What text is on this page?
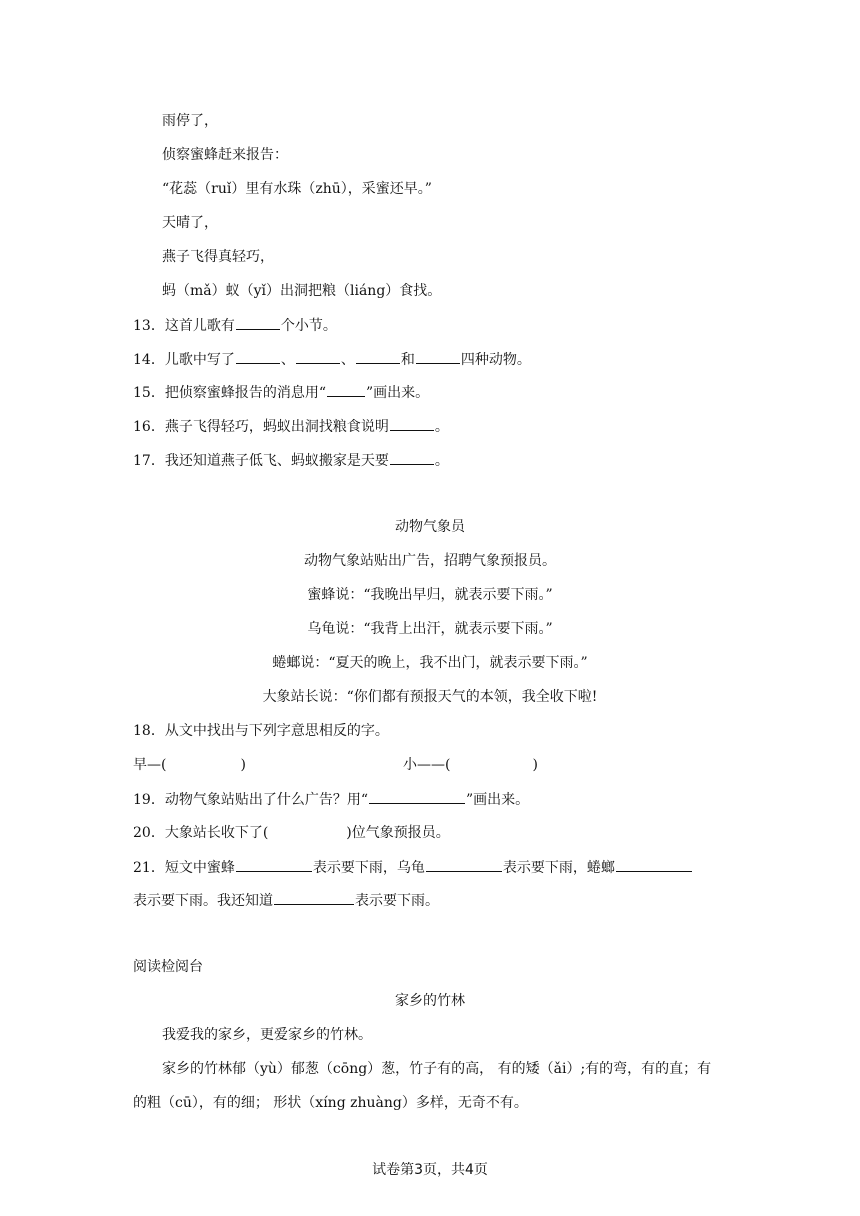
雨停了，
侦察蜜蜂赶来报告：
“花蕊（ruǐ）里有水珠（zhū），采蜜还早。”
天晴了，
燕子飞得真轻巧，
蚂（mǎ）蚁（yǐ）出洞把粮（liáng）食找。
13．这首儿歌有	个小节。
14．儿歌中写了	、	、	和	四种动物。
15．把侦察蜜蜂报告的消息用“	”画出来。
16．燕子飞得轻巧，蚂蚁出洞找粮食说明	。
17．我还知道燕子低飞、蚂蚁搬家是天要	。
动物气象员
动物气象站贴出广告，招聘气象预报员。
蜜蜂说：“我晚出早归，就表示要下雨。”
乌龟说：“我背上出汗，就表示要下雨。”
蜷螂说：“夏天的晚上，我不出门，就表示要下雨。”
大象站长说：“你们都有预报天气的本领，我全收下啦!
18．从文中找出与下列字意思相反的字。
早—(	)	小——(	)
19．动物气象站贴出了什么广告？用“	”画出来。
20．大象站长收下了(	)位气象预报员。
21．短文中蜜蜂	表示要下雨，乌龟	表示要下雨，蜷螂
表示要下雨。我还知道	表示要下雨。
阅读检阅台
家乡的竹林
我爱我的家乡，更爱家乡的竹林。
家乡的竹林郁（yù）郁葱（cōng）葱，竹子有的高， 有的矮（ǎi）;有的弯，有的直；有
的粗（cū），有的细； 形状（xíng zhuàng）多样，无奇不有。
试卷第3页，共4页
